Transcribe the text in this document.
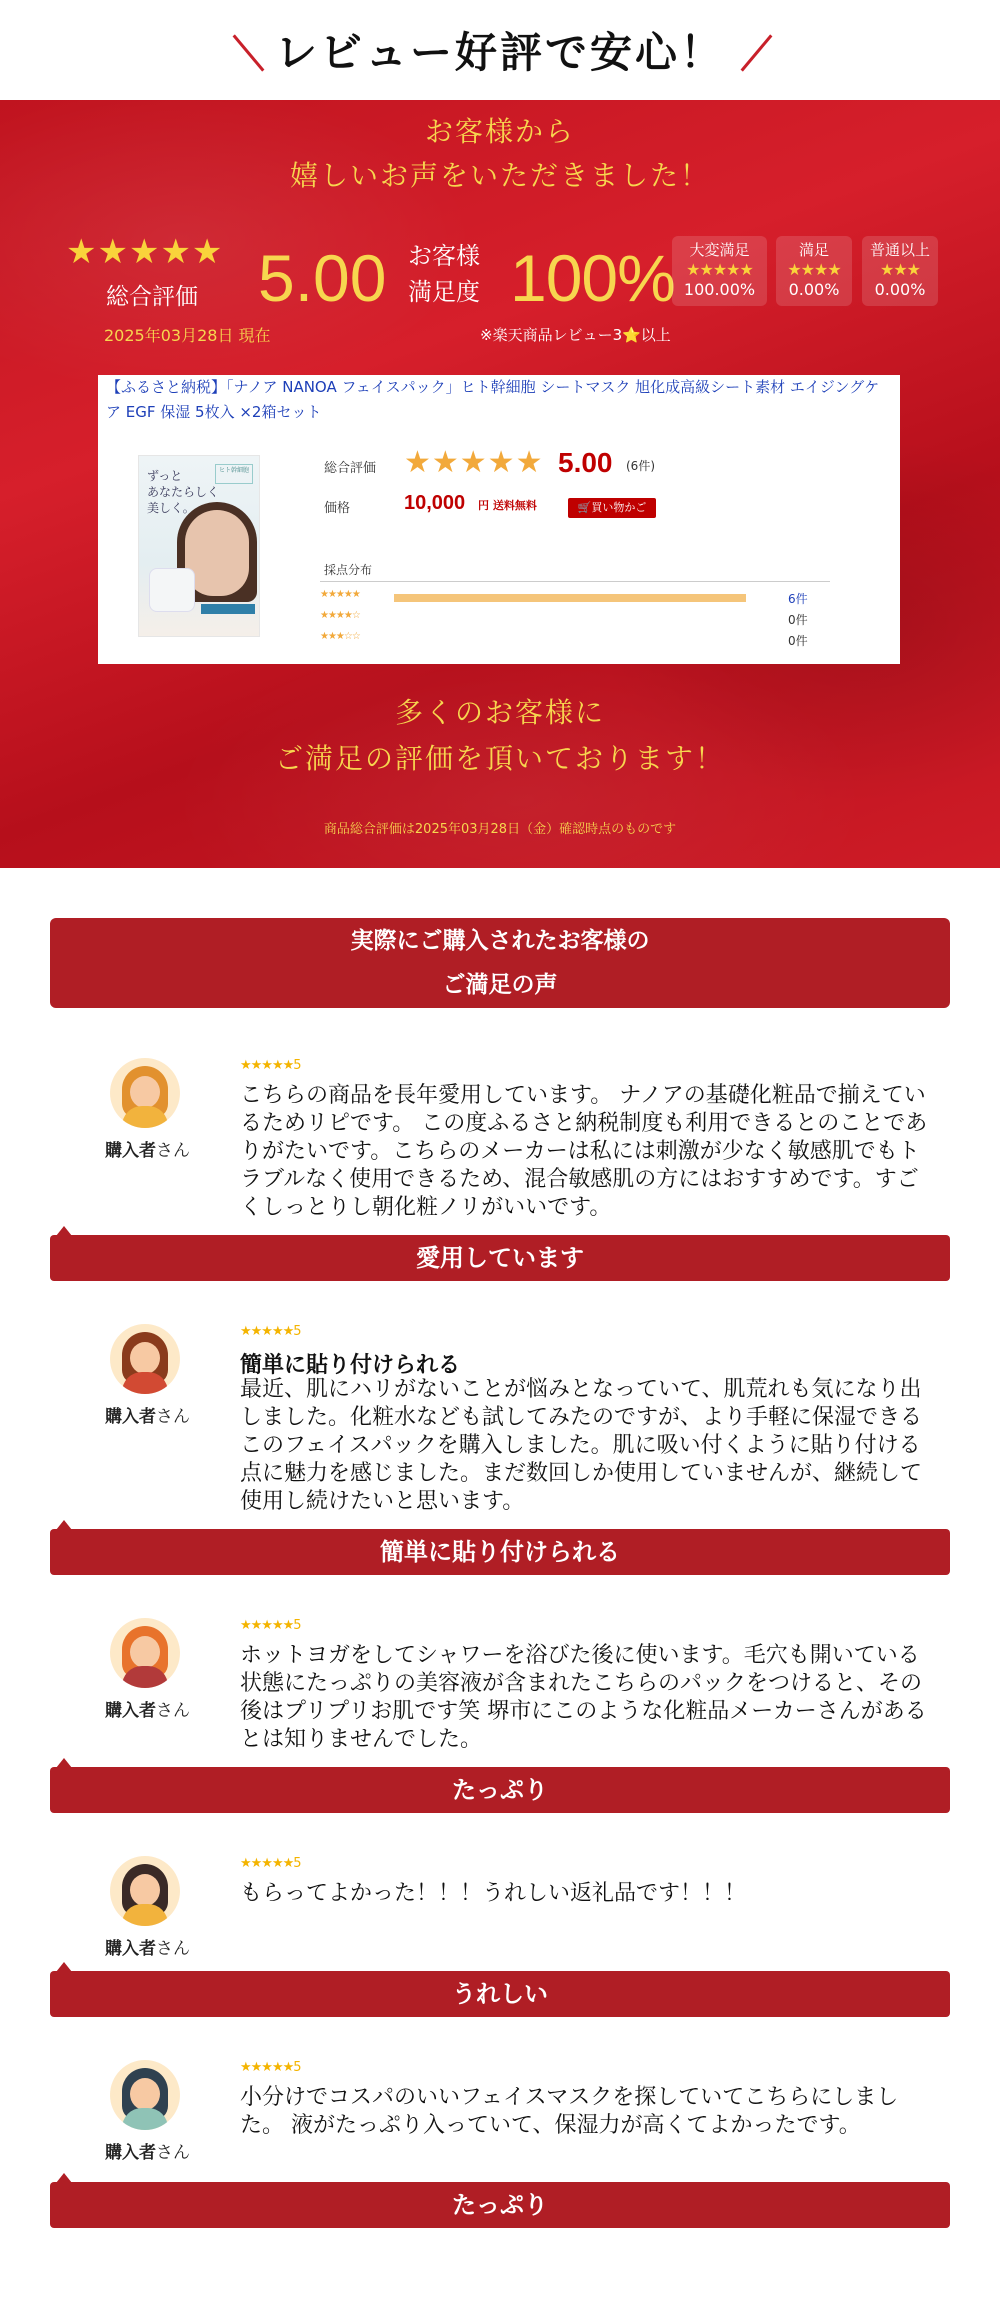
レビュー好評で安心！
お客様から
嬉しいお声をいただきました！
★★★★★
総合評価
2025年03月28日 現在
5.00 お客様
満足度 100% 大変満足
★★★★★
100.00%
満足
★★★★
0.00%
普通以上
★★★
0.00%
※楽天商品レビュー3⭐以上
【ふるさと納税】「ナノア NANOA フェイスパック」ヒト幹細胞 シートマスク 旭化成高級シート素材 エイジングケア EGF 保湿 5枚入 ×2箱セット
ずっと
あなたらしく
美しく。
ヒト幹細胞	総合評価 ★★★★★ 5.00 (6件)
価格	10,000 円 送料無料	🛒買い物かご
採点分布
★★★★★	6件
★★★★☆	0件
★★★☆☆	0件
多くのお客様に
ご満足の評価を頂いております！
商品総合評価は2025年03月28日（金）確認時点のものです
実際にご購入されたお客様の
ご満足の声
購入者さん
★★★★★5
こちらの商品を長年愛用しています。 ナノアの基礎化粧品で揃えているためリピです。 この度ふるさと納税制度も利用できるとのことでありがたいです。こちらのメーカーは私には刺激が少なく敏感肌でもトラブルなく使用できるため、混合敏感肌の方にはおすすめです。すごくしっとりし朝化粧ノリがいいです。
愛用しています
購入者さん
★★★★★5
簡単に貼り付けられる
最近、肌にハリがないことが悩みとなっていて、肌荒れも気になり出しました。化粧水なども試してみたのですが、より手軽に保湿できるこのフェイスパックを購入しました。肌に吸い付くように貼り付ける点に魅力を感じました。まだ数回しか使用していませんが、継続して使用し続けたいと思います。
簡単に貼り付けられる
購入者さん
★★★★★5
ホットヨガをしてシャワーを浴びた後に使います。毛穴も開いている状態にたっぷりの美容液が含まれたこちらのパックをつけると、その後はプリプリお肌です笑 堺市にこのような化粧品メーカーさんがあるとは知りませんでした。
たっぷり
購入者さん
★★★★★5
もらってよかった！！！うれしい返礼品です！！！
うれしい
購入者さん
★★★★★5
小分けでコスパのいいフェイスマスクを探していてこちらにしました。 液がたっぷり入っていて、保湿力が高くてよかったです。
たっぷり
